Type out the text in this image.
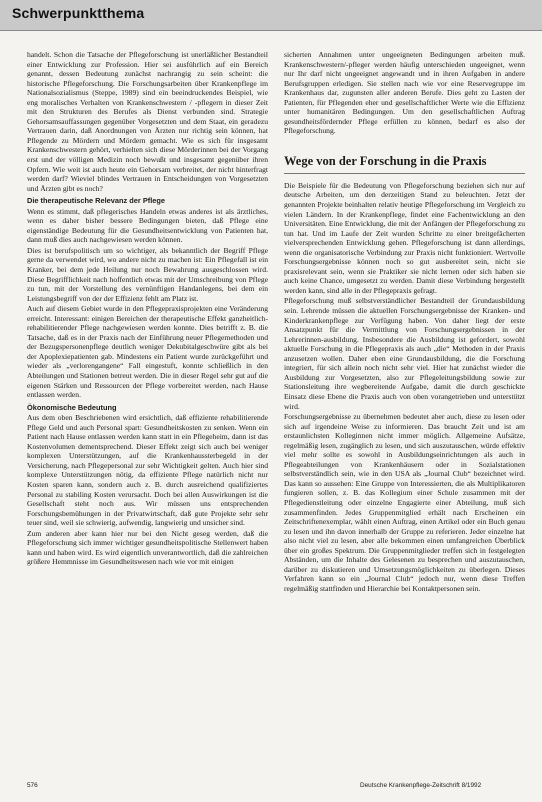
Schwerpunktthema

handelt. Schon die Tatsache der Pflegeforschung ist unerläßlicher Bestandteil einer Entwicklung zur Profession. Hier sei ausführlich auf ein Bereich genannt, dessen Bedeutung zunächst nachrangig zu sein scheint: die historische Pflegeforschung. Die Forschungsarbeiten über Krankenpflege im Nationalsozialismus (Steppe, 1989) sind ein beeindruckendes Beispiel, wie eng moralisches Verhalten von Krankenschwestern / -pflegern in dieser Zeit mit den Strukturen des Berufes als Dienst verbunden sind. Strategie Gehorsamsauffassungen gegenüber Vorgesetzten und dem Staat, ein geradezu Vertrauen darin, daß Anordnungen von Ärzten nur richtig sein können, hat Pflegende zu Mördern und Mördern gemacht. Wie es sich für insgesamt Krankenschwestern gehört, verhielten sich diese Mörderinnen bei der Vorgang erst und der völligen Medizin noch bewußt und insgesamt gegenüber ihren Opfern. Wie weit ist auch heute ein Gehorsam verbreitet, der nicht hinterfragt werden darf? Wieviel blindes Vertrauen in Entscheidungen von Vorgesetzten und Ärzten gibt es noch?

Die therapeutische Relevanz der Pflege

Wenn es stimmt, daß pflegerisches Handeln etwas anderes ist als ärztliches, wenn es daher bisher bessere Bedingungen bieten, daß Pflege eine eigenständige Bedeutung für die Gesundheitsentwicklung von Patienten hat, dann muß dies auch nachgewiesen werden können.

Dies ist berufspolitisch um so wichtiger, als bekanntlich der Begriff Pflege gerne da verwendet wird, wo andere nicht zu machen ist: Ein Pflegefall ist ein Kranker, bei dem jede Heilung nur noch Bewahrung ausgeschlossen wird. Diese Begrifflichkeit nach hoffentlich etwas mit der Umschreibung von Pflege zu tun, mit der Vorstellung des vernünftigen Handanlegens, bei dem ein Leistungsbegriff von der der Effizienz fehlt am Platz ist.

Auch auf diesem Gebiet wurde in den Pflegepraxisprojekten eine Veränderung erreicht. Interessant: einigen Bereichen der therapeutische Effekt ganzheitlich-rehabilitierender Pflege nachgewiesen werden konnte. Dies betrifft z. B. die Tatsache, daß es in der Praxis nach der Einführung neuer Pflegemethoden und der Bezugspersonenpflege deutlich weniger Dekubitalgeschwüre gibt als bei der Apoplexiepatienten gab. Mindestens ein Patient wurde zurückgeführt und wieder als „verlorengangene“ Fall eingestuft, konnte schließlich in den Abteilungen und Stationen betreut werden. Die in dieser Regel sehr gut auf die eigenen Stärken und Ressourcen der Pflege vorbereitet werden, nach Hause entlassen werden.

Ökonomische Bedeutung

Aus dem oben Beschriebenen wird ersichtlich, daß effiziente rehabilitierende Pflege Geld und auch Personal spart: Gesundheitskosten zu senken. Wenn ein Patient nach Hause entlassen werden kann statt in ein Pflegeheim, dann ist das Kostenvolumen dementsprechend. Dieser Effekt zeigt sich auch bei weniger komplexen Unterstützungen, auf die Krankenhaussterbegeld in der Versicherung, nach Pflegepersonal zur sehr Wichtigkeit gelten. Auch hier sind komplexe Unterstützungen nötig, da effiziente Pflege natürlich nicht nur Kosten sparen kann, sondern auch z. B. durch ausreichend qualifiziertes Personal zu stabiling Kosten verursacht. Doch bei allen Auswirkungen ist die Gesellschaft steht noch aus. Wir müssen uns entsprechenden Forschungsbemühungen in der Privatwirtschaft, daß gute Projekte sehr sehr teuer sind, weil sie schwierig, aufwendig, langwierig und unsicher sind.

Zum anderen aber kann hier nur bei den Nicht geseg werden, daß die Pflegeforschung sich immer wichtiger gesundheitspolitische Stellenwert haben kann und haben wird. Es wird eigentlich unverantwortlich, daß die zahlreichen größere Hemmnisse im Gesundheitswesen nach wie vor mit einigen

sicherten Annahmen unter ungeeigneten Bedingungen arbeiten muß. Krankenschwestern/-pfleger werden häufig unterschieden ungeeignet, wenn nur Ihr darf nicht ungeeignet angewandt und in ihren Aufgaben in andere Berufsgruppen erledigen. Sie stellen nach wie vor eine Reservegruppe im Krankenhaus dar, zugunsten aller anderen Berufe. Dies geht zu Lasten der Patienten, für Pflegenden eher und gesellschaftlicher Werte wie die Effizienz unter humanitären Bedingungen. Um den gesellschaftlichen Auftrag gesundheitsfördernder Pflege erfüllen zu können, bedarf es also der Pflegeforschung.

Wege von der Forschung in die Praxis

Die Beispiele für die Bedeutung von Pflegeforschung beziehen sich nur auf deutsche Arbeiten, um den derzeitigen Stand zu beleuchten. Jetzt der genannten Projekte beinhalten relativ heutige Pflegeforschung im Vergleich zu vielen Ländern. In der Krankenpflege, findet eine Fachentwicklung an den Universitäten. Eine Entwicklung, die mit der Anfängen der Pflegeforschung zu tun hat. Und im Laufe der Zeit wurden Schritte zu einer breitgefächerten vielversprechenden Entwicklung gehen. Pflegeforschung ist dann allerdings, wenn die organisatorische Verbindung zur Praxis nicht funktioniert. Wertvolle Forschungsergebnisse können noch so gut ausbereitet sein, nicht sie praxisrelevant sein, wenn sie Praktiker sie nicht lernen oder sich haben sie auch keine Chance, umgesetzt zu werden. Damit diese Verbindung hergestellt werden kann, sind alle in der Pflegepraxis gefragt.

Pflegeforschung muß selbstverständlicher Bestandteil der Grundausbildung sein. Lehrende müssen die aktuellen Forschungsergebnisse der Kranken- und Kinderkrankenpflege zur Verfügung haben. Von daher liegt der erste Ansatzpunkt für die Vermittlung von Forschungsergebnissen in der Lehrerinnen-ausbildung. Insbesondere die Ausbildung ist gefordert, sowohl aktuelle Forschung in die Pflegepraxis als auch „die“ Methoden in der Praxis anzusetzen wollen. Daher eben eine Grundausbildung, die die Forschung integriert, für sich allein noch nicht sehr viel. Hier hat zunächst wieder die Ausbildung zur Vorgesetzten, also zur Pflegeleitungsbildung sowie zur Stationsleitung ihre wegbereitende Aufgabe, damit die durch geschickte Einsatz diese Ebene die Praxis auch von oben vorangetrieben und unterstützt wird.

Forschungsergebnisse zu übernehmen bedeutet aber auch, diese zu lesen oder sich auf irgendeine Weise zu informieren. Das braucht Zeit und ist am erstaunlichsten Kolleginnen nicht immer möglich. Allgemeine Aufsätze, regelmäßig lesen, zugänglich zu lesen, und sich auszutauschen, würde effektiv viel mehr sollte es sowohl in Ausbildungseinrichtungen als auch in Pflegeabteilungen von Krankenhäusern oder in Sozialstationen selbstverständlich sein, wie in den USA als „Journal Club“ bezeichnet wird. Das kann so aussehen: Eine Gruppe von Interessierten, die als Multiplikatoren fungieren sollen, z. B. das Kollegium einer Schule zusammen mit der Pflegedienstleitung oder einzelne Engagierte einer Abteilung, muß sich zusammenfinden. Jedes Gruppenmitglied erhält nach Erscheinen ein Zeitschriftenexemplar, wählt einen Auftrag, einen Artikel oder ein Buch genau zu lesen und ihn davon innerhalb der Gruppe zu referieren. Jeder einzelne hat also nicht viel zu lesen, aber alle bekommen einen umfangreichen Überblick über ein großes Spektrum. Die Gruppenmitglieder treffen sich in festgelegten Abständen, um die Inhalte des Gelesenen zu besprechen und auszutauschen, darüber zu diskutieren und Umsetzungsmöglichkeiten zu überlegen. Dieses Verfahren kann so ein „Journal Club“ jedoch nur, wenn diese Treffen regelmäßig stattfinden und Hierarchie bei Kontaktpersonen sein.

576	Deutsche Krankenpflege-Zeitschrift 8/1992
